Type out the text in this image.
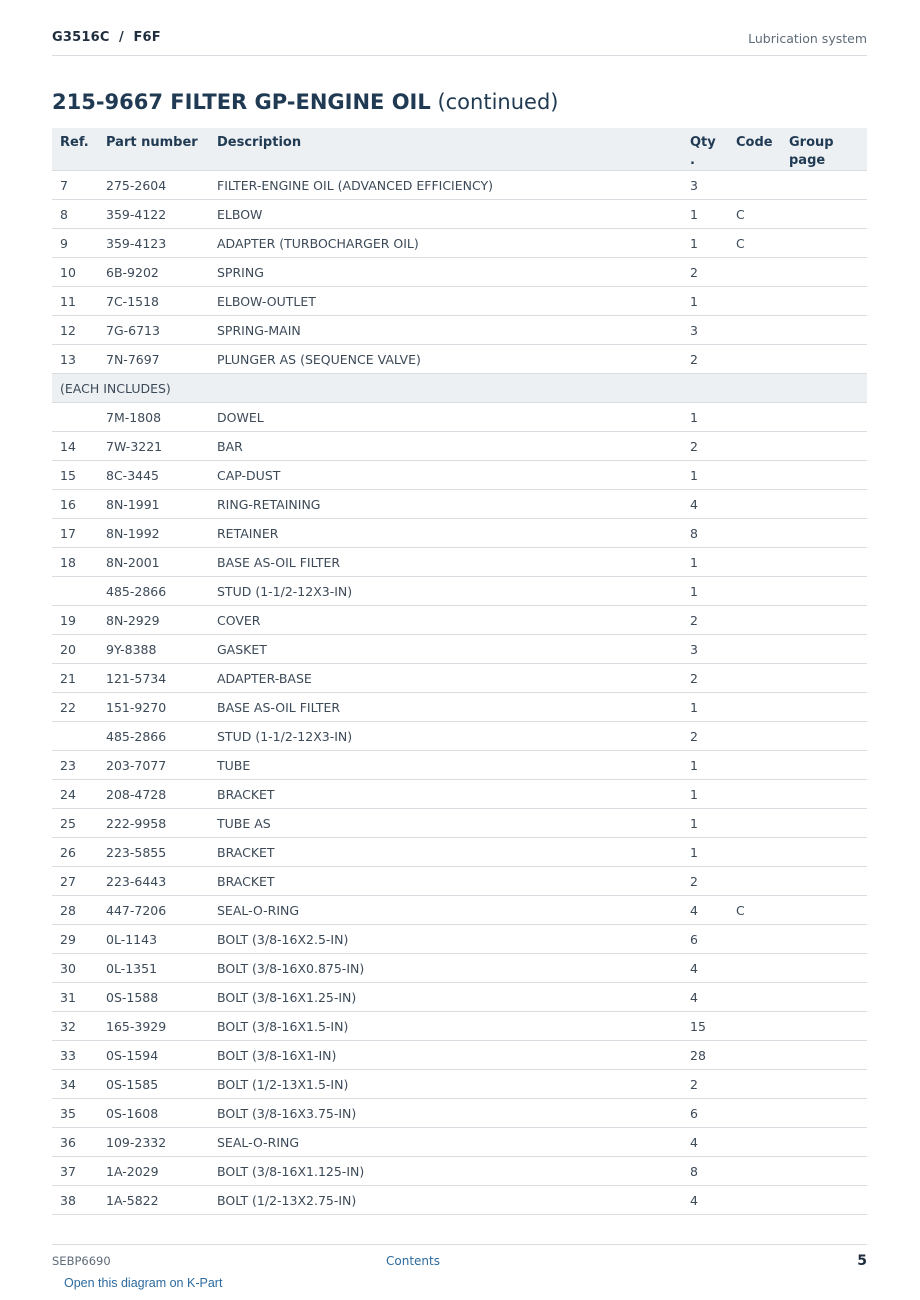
G3516C  /  F6F	Lubrication system
215-9667 FILTER GP-ENGINE OIL (continued)
Ref.	Part number	Description	Qty .	Code	Group page
7	275-2604	FILTER-ENGINE OIL (ADVANCED EFFICIENCY)	3		
8	359-4122	ELBOW	1	C	
9	359-4123	ADAPTER (TURBOCHARGER OIL)	1	C	
10	6B-9202	SPRING	2		
11	7C-1518	ELBOW-OUTLET	1		
12	7G-6713	SPRING-MAIN	3		
13	7N-7697	PLUNGER AS (SEQUENCE VALVE)	2		
(EACH INCLUDES)					
	7M-1808	DOWEL	1		
14	7W-3221	BAR	2		
15	8C-3445	CAP-DUST	1		
16	8N-1991	RING-RETAINING	4		
17	8N-1992	RETAINER	8		
18	8N-2001	BASE AS-OIL FILTER	1		
	485-2866	STUD (1-1/2-12X3-IN)	1		
19	8N-2929	COVER	2		
20	9Y-8388	GASKET	3		
21	121-5734	ADAPTER-BASE	2		
22	151-9270	BASE AS-OIL FILTER	1		
	485-2866	STUD (1-1/2-12X3-IN)	2		
23	203-7077	TUBE	1		
24	208-4728	BRACKET	1		
25	222-9958	TUBE AS	1		
26	223-5855	BRACKET	1		
27	223-6443	BRACKET	2		
28	447-7206	SEAL-O-RING	4	C	
29	0L-1143	BOLT (3/8-16X2.5-IN)	6		
30	0L-1351	BOLT (3/8-16X0.875-IN)	4		
31	0S-1588	BOLT (3/8-16X1.25-IN)	4		
32	165-3929	BOLT (3/8-16X1.5-IN)	15		
33	0S-1594	BOLT (3/8-16X1-IN)	28		
34	0S-1585	BOLT (1/2-13X1.5-IN)	2		
35	0S-1608	BOLT (3/8-16X3.75-IN)	6		
36	109-2332	SEAL-O-RING	4		
37	1A-2029	BOLT (3/8-16X1.125-IN)	8		
38	1A-5822	BOLT (1/2-13X2.75-IN)	4		
SEBP6690	Contents	5
Open this diagram on K-Part
